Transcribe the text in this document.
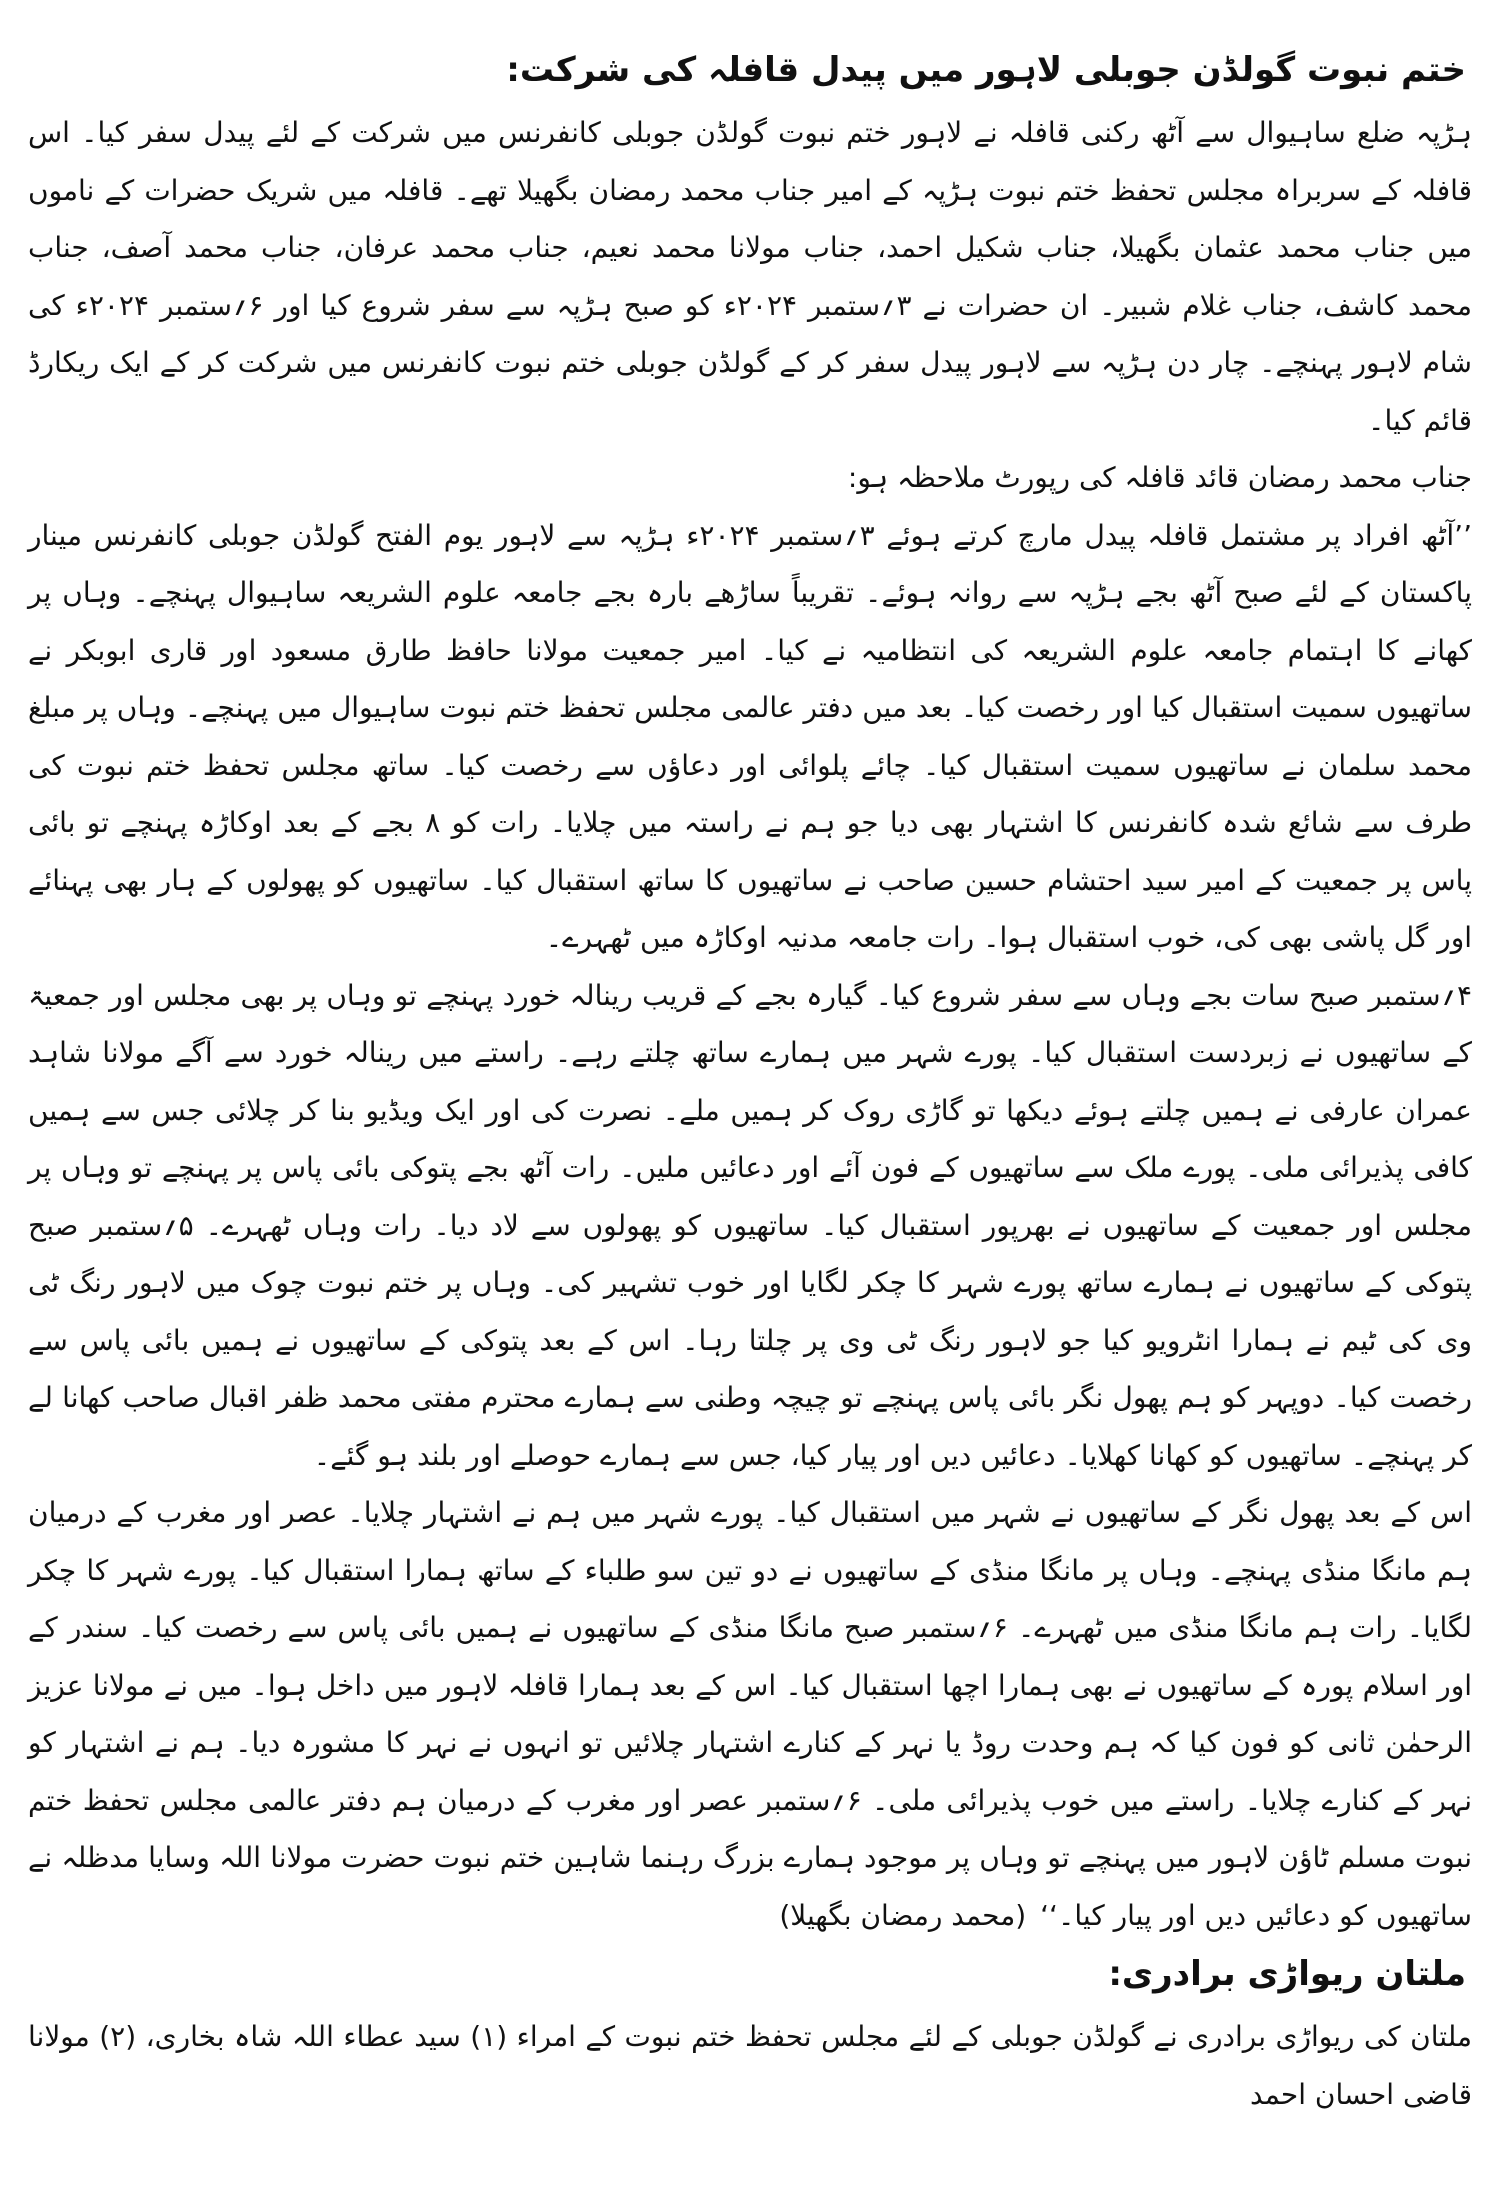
ختم نبوت گولڈن جوبلی لاہور میں پیدل قافلہ کی شرکت:

ہڑپہ ضلع ساہیوال سے آٹھ رکنی قافلہ نے لاہور ختم نبوت گولڈن جوبلی کانفرنس میں شرکت کے لئے پیدل سفر کیا۔ اس قافلہ کے سربراہ مجلس تحفظ ختم نبوت ہڑپہ کے امیر جناب محمد رمضان بگھیلا تھے۔ قافلہ میں شریک حضرات کے ناموں میں جناب محمد عثمان بگھیلا، جناب شکیل احمد، جناب مولانا محمد نعیم، جناب محمد عرفان، جناب محمد آصف، جناب محمد کاشف، جناب غلام شبیر۔ ان حضرات نے ۳؍ستمبر ۲۰۲۴ء کو صبح ہڑپہ سے سفر شروع کیا اور ۶؍ستمبر ۲۰۲۴ء کی شام لاہور پہنچے۔ چار دن ہڑپہ سے لاہور پیدل سفر کر کے گولڈن جوبلی ختم نبوت کانفرنس میں شرکت کر کے ایک ریکارڈ قائم کیا۔

جناب محمد رمضان قائد قافلہ کی رپورٹ ملاحظہ ہو:

’’آٹھ افراد پر مشتمل قافلہ پیدل مارچ کرتے ہوئے ۳؍ستمبر ۲۰۲۴ء ہڑپہ سے لاہور یوم الفتح گولڈن جوبلی کانفرنس مینار پاکستان کے لئے صبح آٹھ بجے ہڑپہ سے روانہ ہوئے۔ تقریباً ساڑھے بارہ بجے جامعہ علوم الشریعہ ساہیوال پہنچے۔ وہاں پر کھانے کا اہتمام جامعہ علوم الشریعہ کی انتظامیہ نے کیا۔ امیر جمعیت مولانا حافظ طارق مسعود اور قاری ابوبکر نے ساتھیوں سمیت استقبال کیا اور رخصت کیا۔ بعد میں دفتر عالمی مجلس تحفظ ختم نبوت ساہیوال میں پہنچے۔ وہاں پر مبلغ محمد سلمان نے ساتھیوں سمیت استقبال کیا۔ چائے پلوائی اور دعاؤں سے رخصت کیا۔ ساتھ مجلس تحفظ ختم نبوت کی طرف سے شائع شدہ کانفرنس کا اشتہار بھی دیا جو ہم نے راستہ میں چلایا۔ رات کو ۸ بجے کے بعد اوکاڑہ پہنچے تو بائی پاس پر جمعیت کے امیر سید احتشام حسین صاحب نے ساتھیوں کا ساتھ استقبال کیا۔ ساتھیوں کو پھولوں کے ہار بھی پہنائے اور گل پاشی بھی کی، خوب استقبال ہوا۔ رات جامعہ مدنیہ اوکاڑہ میں ٹھہرے۔

۴؍ستمبر صبح سات بجے وہاں سے سفر شروع کیا۔ گیارہ بجے کے قریب رینالہ خورد پہنچے تو وہاں پر بھی مجلس اور جمعیۃ کے ساتھیوں نے زبردست استقبال کیا۔ پورے شہر میں ہمارے ساتھ چلتے رہے۔ راستے میں رینالہ خورد سے آگے مولانا شاہد عمران عارفی نے ہمیں چلتے ہوئے دیکھا تو گاڑی روک کر ہمیں ملے۔ نصرت کی اور ایک ویڈیو بنا کر چلائی جس سے ہمیں کافی پذیرائی ملی۔ پورے ملک سے ساتھیوں کے فون آئے اور دعائیں ملیں۔ رات آٹھ بجے پتوکی بائی پاس پر پہنچے تو وہاں پر مجلس اور جمعیت کے ساتھیوں نے بھرپور استقبال کیا۔ ساتھیوں کو پھولوں سے لاد دیا۔ رات وہاں ٹھہرے۔ ۵؍ستمبر صبح پتوکی کے ساتھیوں نے ہمارے ساتھ پورے شہر کا چکر لگایا اور خوب تشہیر کی۔ وہاں پر ختم نبوت چوک میں لاہور رنگ ٹی وی کی ٹیم نے ہمارا انٹرویو کیا جو لاہور رنگ ٹی وی پر چلتا رہا۔ اس کے بعد پتوکی کے ساتھیوں نے ہمیں بائی پاس سے رخصت کیا۔ دوپہر کو ہم پھول نگر بائی پاس پہنچے تو چیچہ وطنی سے ہمارے محترم مفتی محمد ظفر اقبال صاحب کھانا لے کر پہنچے۔ ساتھیوں کو کھانا کھلایا۔ دعائیں دیں اور پیار کیا، جس سے ہمارے حوصلے اور بلند ہو گئے۔

اس کے بعد پھول نگر کے ساتھیوں نے شہر میں استقبال کیا۔ پورے شہر میں ہم نے اشتہار چلایا۔ عصر اور مغرب کے درمیان ہم مانگا منڈی پہنچے۔ وہاں پر مانگا منڈی کے ساتھیوں نے دو تین سو طلباء کے ساتھ ہمارا استقبال کیا۔ پورے شہر کا چکر لگایا۔ رات ہم مانگا منڈی میں ٹھہرے۔ ۶؍ستمبر صبح مانگا منڈی کے ساتھیوں نے ہمیں بائی پاس سے رخصت کیا۔ سندر کے اور اسلام پورہ کے ساتھیوں نے بھی ہمارا اچھا استقبال کیا۔ اس کے بعد ہمارا قافلہ لاہور میں داخل ہوا۔ میں نے مولانا عزیز الرحمٰن ثانی کو فون کیا کہ ہم وحدت روڈ یا نہر کے کنارے اشتہار چلائیں تو انہوں نے نہر کا مشورہ دیا۔ ہم نے اشتہار کو نہر کے کنارے چلایا۔ راستے میں خوب پذیرائی ملی۔ ۶؍ستمبر عصر اور مغرب کے درمیان ہم دفتر عالمی مجلس تحفظ ختم نبوت مسلم ٹاؤن لاہور میں پہنچے تو وہاں پر موجود ہمارے بزرگ رہنما شاہین ختم نبوت حضرت مولانا اللہ وسایا مدظلہ نے ساتھیوں کو دعائیں دیں اور پیار کیا۔‘‘(محمد رمضان بگھیلا)

ملتان ریواڑی برادری:

ملتان کی ریواڑی برادری نے گولڈن جوبلی کے لئے مجلس تحفظ ختم نبوت کے امراء (۱) سید عطاء اللہ شاہ بخاری، (۲) مولانا قاضی احسان احمد
